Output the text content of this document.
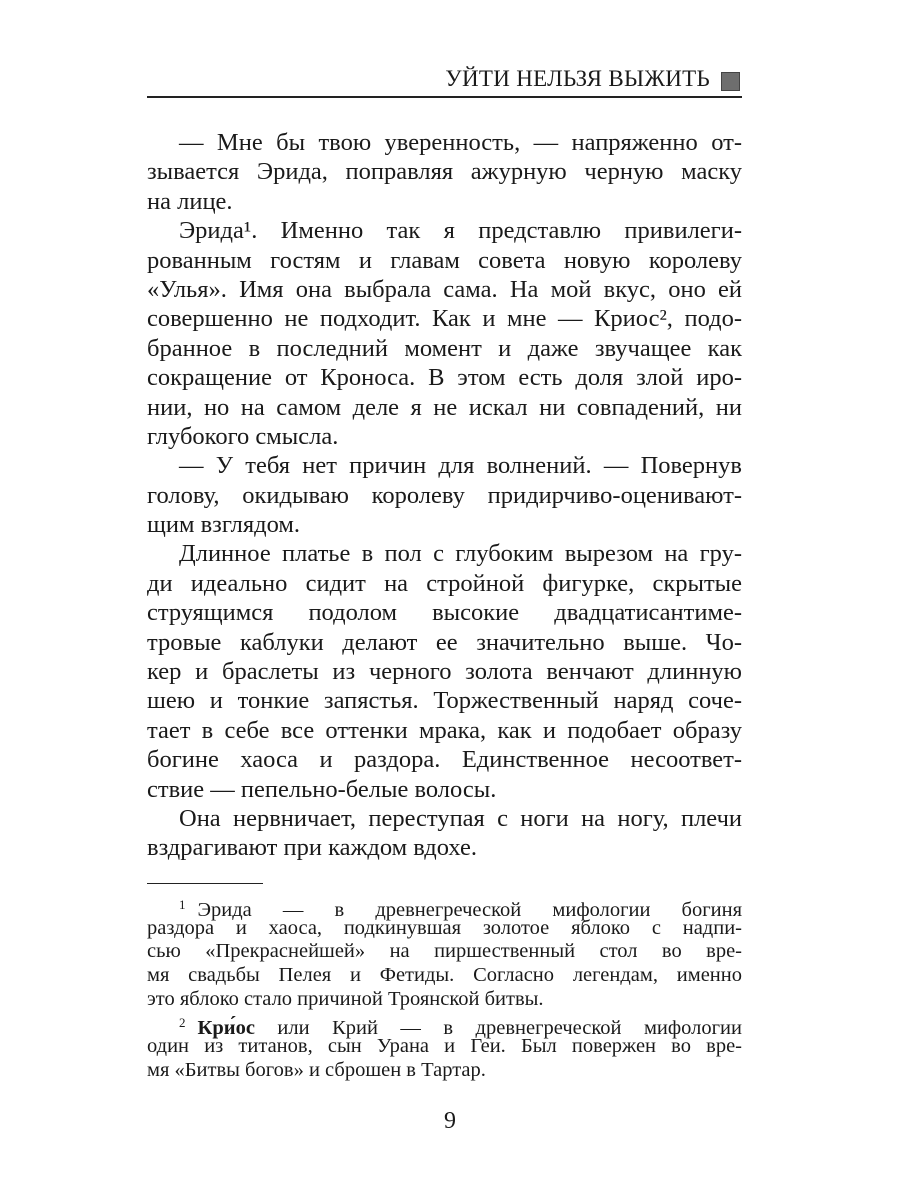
УЙТИ НЕЛЬЗЯ ВЫЖИТЬ
— Мне бы твою уверенность, — напряженно от-
зывается Эрида, поправляя ажурную черную маску
на лице.
Эрида¹. Именно так я представлю привилеги-
рованным гостям и главам совета новую королеву
«Улья». Имя она выбрала сама. На мой вкус, оно ей
совершенно не подходит. Как и мне — Криос², подо-
бранное в последний момент и даже звучащее как
сокращение от Кроноса. В этом есть доля злой иро-
нии, но на самом деле я не искал ни совпадений, ни
глубокого смысла.
— У тебя нет причин для волнений. — Повернув
голову, окидываю королеву придирчиво-оценивают-
щим взглядом.
Длинное платье в пол с глубоким вырезом на гру-
ди идеально сидит на стройной фигурке, скрытые
струящимся подолом высокие двадцатисантиме-
тровые каблуки делают ее значительно выше. Чо-
кер и браслеты из черного золота венчают длинную
шею и тонкие запястья. Торжественный наряд соче-
тает в себе все оттенки мрака, как и подобает образу
богине хаоса и раздора. Единственное несоответ-
ствие — пепельно-белые волосы.
Она нервничает, переступая с ноги на ногу, плечи
вздрагивают при каждом вдохе.
$^1$ Эрида — в древнегреческой мифологии богиня
раздора и хаоса, подкинувшая золотое яблоко с надпи-
сью «Прекраснейшей» на пиршественный стол во вре-
мя свадьбы Пелея и Фетиды. Согласно легендам, именно
это яблоко стало причиной Троянской битвы.
$^2$ Кри́ос или Крий — в древнегреческой мифологии
один из титанов, сын Урана и Геи. Был повержен во вре-
мя «Битвы богов» и сброшен в Тартар.
9
